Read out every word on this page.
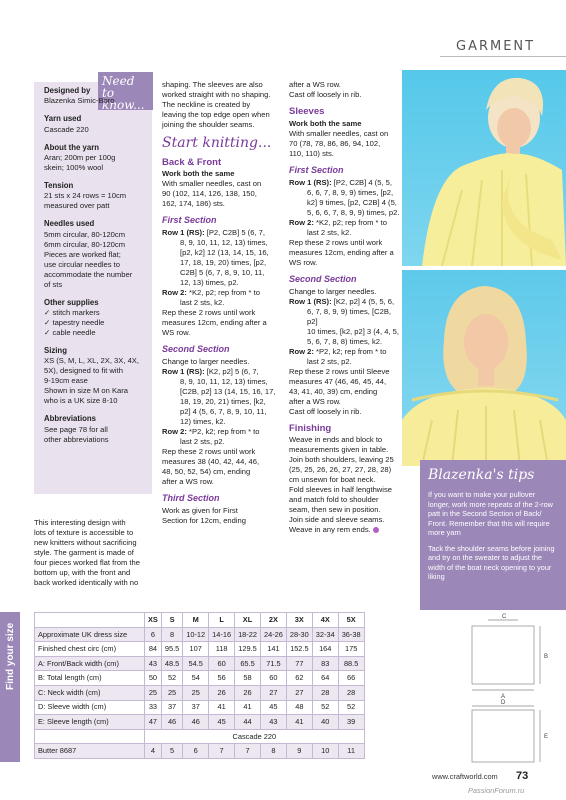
GARMENT
Need to
know...
Designed by
Blazenka Simic-Boro
Yarn used
Cascade 220
About the yarn
Aran; 200m per 100g
skein; 100% wool
Tension
21 sts x 24 rows = 10cm
measured over patt
Needles used
5mm circular, 80-120cm
6mm circular, 80-120cm
Pieces are worked flat;
use circular needles to
accommodate the number
of sts
Other supplies
✓ stitch markers
✓ tapestry needle
✓ cable needle
Sizing
XS (S, M, L, XL, 2X, 3X, 4X,
5X), designed to fit with
9-19cm ease
Shown in size M on Kara
who is a UK size 8-10
Abbreviations
See page 78 for all
other abbreviations
This interesting design with
lots of texture is accessible to
new knitters without sacrificing
style. The garment is made of
four pieces worked flat from the
bottom up, with the front and
back worked identically with no
shaping. The sleeves are also
worked straight with no shaping.
The neckline is created by
leaving the top edge open when
joining the shoulder seams.
Start knitting...
Back & Front
Work both the same
With smaller needles, cast on
90 (102, 114, 126, 138, 150,
162, 174, 186) sts.
First Section
Row 1 (RS): [P2, C2B] 5 (6, 7,
8, 9, 10, 11, 12, 13) times,
[p2, k2] 12 (13, 14, 15, 16,
17, 18, 19, 20) times, [p2,
C2B] 5 (6, 7, 8, 9, 10, 11,
12, 13) times, p2.
Row 2: *K2, p2; rep from * to
last 2 sts, k2.
Rep these 2 rows until work
measures 12cm, ending after a
WS row.
Second Section
Change to larger needles.
Row 1 (RS): [K2, p2] 5 (6, 7,
8, 9, 10, 11, 12, 13) times,
[C2B, p2] 13 (14, 15, 16, 17,
18, 19, 20, 21) times, [k2,
p2] 4 (5, 6, 7, 8, 9, 10, 11,
12) times, k2.
Row 2: *P2, k2; rep from * to
last 2 sts, p2.
Rep these 2 rows until work
measures 38 (40, 42, 44, 46,
48, 50, 52, 54) cm, ending
after a WS row.
Third Section
Work as given for First
Section for 12cm, ending
after a WS row.
Cast off loosely in rib.
Sleeves
Work both the same
With smaller needles, cast on
70 (78, 78, 86, 86, 94, 102,
110, 110) sts.
First Section
Row 1 (RS): [P2, C2B] 4 (5, 5,
6, 6, 7, 8, 9, 9) times, [p2,
k2] 9 times, [p2, C2B] 4 (5,
5, 6, 6, 7, 8, 9, 9) times, p2.
Row 2: *K2, p2; rep from * to
last 2 sts, k2.
Rep these 2 rows until work
measures 12cm, ending after a
WS row.
Second Section
Change to larger needles.
Row 1 (RS): [K2, p2] 4 (5, 5, 6,
6, 7, 8, 9, 9) times, [C2B, p2]
10 times, [k2, p2] 3 (4, 4, 5,
5, 6, 7, 8, 8) times, k2.
Row 2: *P2, k2; rep from * to
last 2 sts, p2.
Rep these 2 rows until Sleeve
measures 47 (46, 46, 45, 44,
43, 41, 40, 39) cm, ending
after a WS row.
Cast off loosely in rib.
Finishing
Weave in ends and block to
measurements given in table.
Join both shoulders, leaving 25
(25, 25, 26, 26, 27, 27, 28, 28)
cm unsewn for boat neck.
Fold sleeves in half lengthwise
and match fold to shoulder
seam, then sew in position.
Join side and sleeve seams.
Weave in any rem ends.
Blazenka's tips

If you want to make your pullover longer, work more repeats of the 2-row patt in the Second Section of Back/ Front. Remember that this will require more yarn

Tack the shoulder seams before joining and try on the sweater to adjust the width of the boat neck opening to your liking

Find your size
	XS	S	M	L	XL	2X	3X	4X	5X
Approximate UK dress size	6	8	10-12	14-16	18-22	24-26	28-30	32-34	36-38
Finished chest circ (cm)	84	95.5	107	118	129.5	141	152.5	164	175
A: Front/Back width (cm)	43	48.5	54.5	60	65.5	71.5	77	83	88.5
B: Total length (cm)	50	52	54	56	58	60	62	64	66
C: Neck width (cm)	25	25	25	26	26	27	27	28	28
D: Sleeve width (cm)	33	37	37	41	41	45	48	52	52
E: Sleeve length (cm)	47	46	46	45	44	43	41	40	39
	Cascade 220								
Butter 8687	4	5	6	7	7	8	9	10	11
C
B
A
D
E
www.craftworld.com 73
PassionForum.ru
